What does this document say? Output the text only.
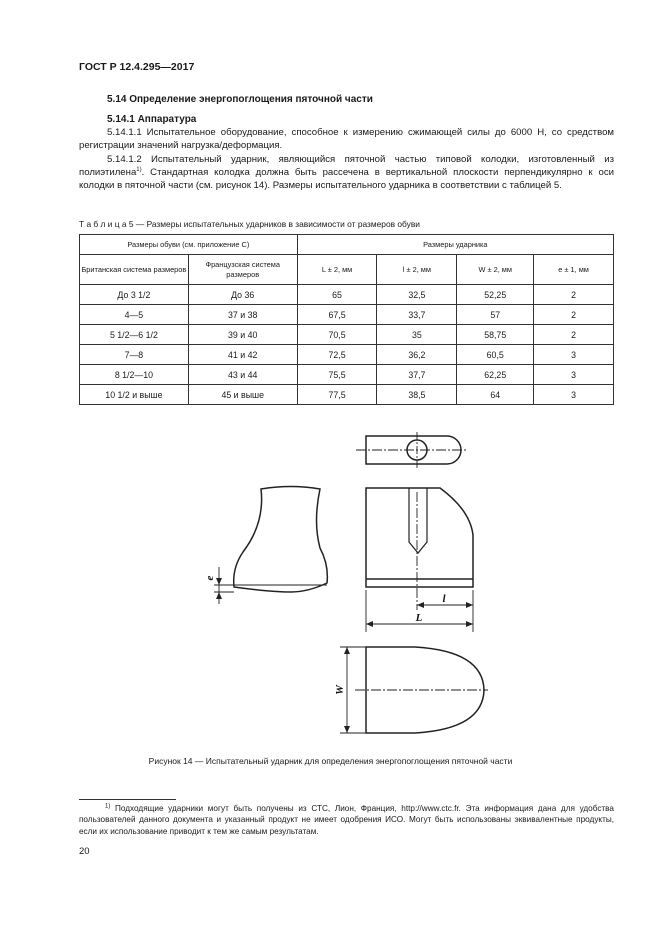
ГОСТ Р 12.4.295—2017
5.14 Определение энергопоглощения пяточной части
5.14.1 Аппаратура

5.14.1.1 Испытательное оборудование, способное к измерению сжимающей силы до 6000 Н, со средством регистрации значений нагрузка/деформация.

5.14.1.2 Испытательный ударник, являющийся пяточной частью типовой колодки, изготовленный из полиэтилена$^{1)}$. Стандартная колодка должна быть рассечена в вертикальной плоскости перпендикулярно к оси колодки в пяточной части (см. рисунок 14). Размеры испытательного ударника в соответствии с таблицей 5.

Т а б л и ц а 5 — Размеры испытательных ударников в зависимости от размеров обуви
Размеры обуви (см. приложение С)		Размеры ударника			
Британская система размеров	Французская система размеров	L ± 2, мм	l ± 2, мм	W ± 2, мм	e ± 1, мм
До 3 1/2	До 36	65	32,5	52,25	2
4—5	37 и 38	67,5	33,7	57	2
5 1/2—6 1/2	39 и 40	70,5	35	58,75	2
7—8	41 и 42	72,5	36,2	60,5	3
8 1/2—10	43 и 44	75,5	37,7	62,25	3
10 1/2 и выше	45 и выше	77,5	38,5	64	3
e
l
L
W
Рисунок 14 — Испытательный ударник для определения энергопоглощения пяточной части

$^{1)}$ Подходящие ударники могут быть получены из СТС, Лион, Франция, http://www.ctc.fr. Эта информация дана для удобства пользователей данного документа и указанный продукт не имеет одобрения ИСО. Могут быть использованы эквивалентные продукты, если их использование приводит к тем же самым результатам.

20
